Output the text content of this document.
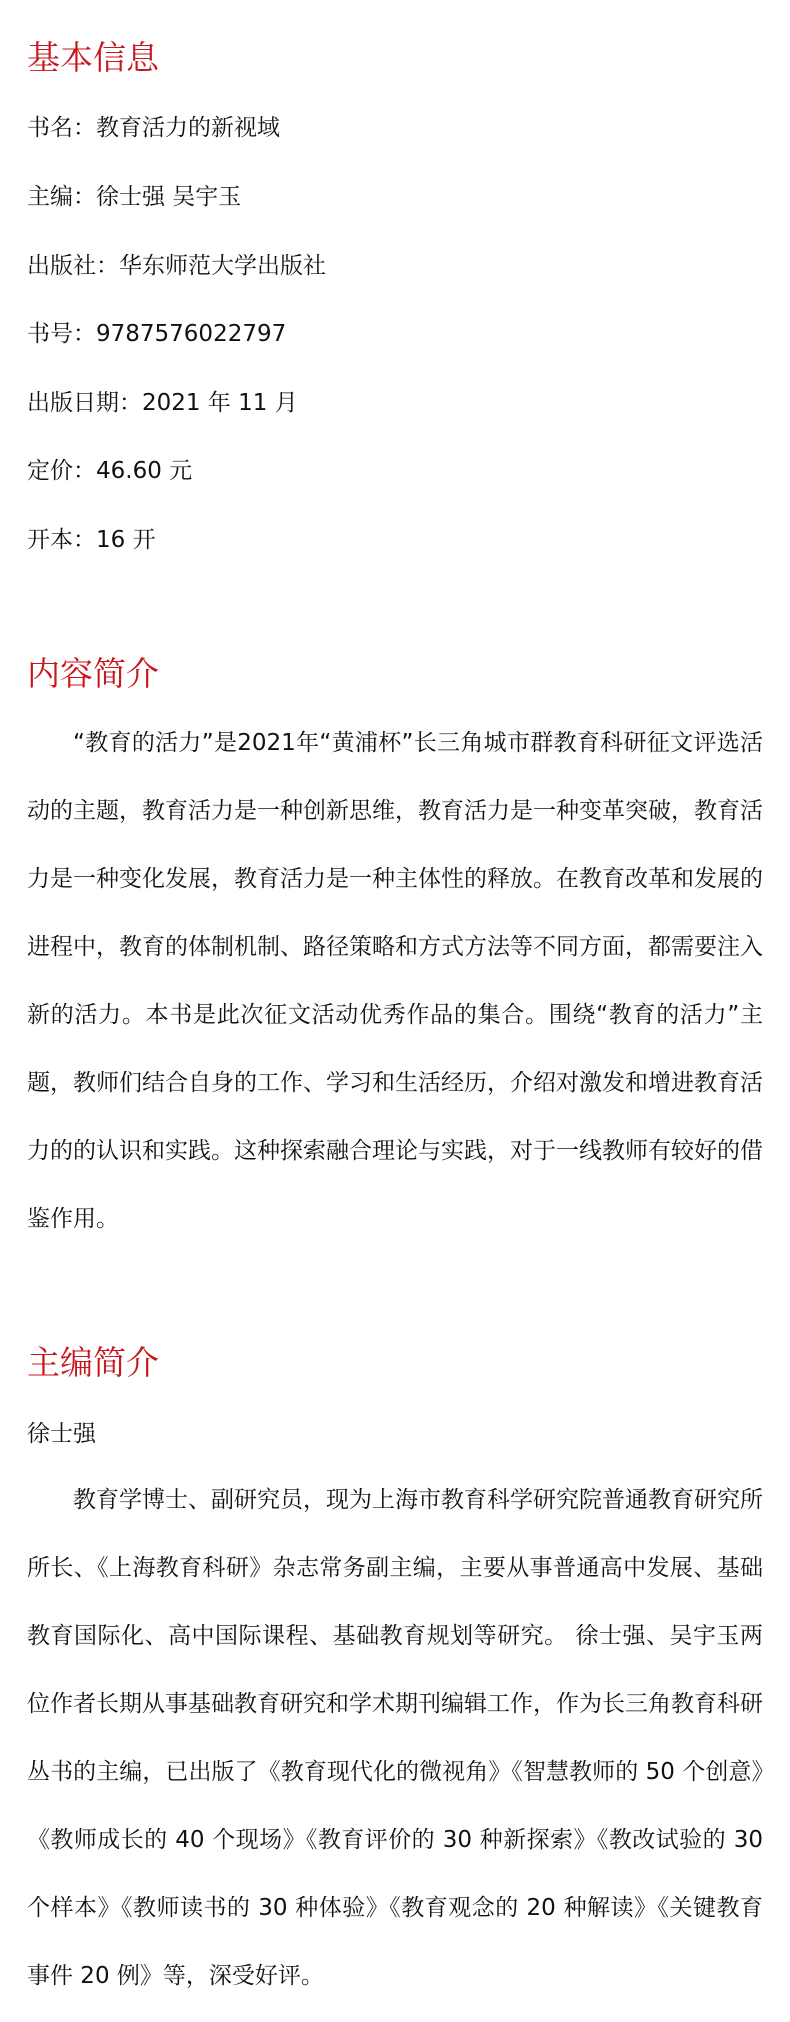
基本信息
书名：教育活力的新视域
主编：徐士强 吴宇玉
出版社：华东师范大学出版社
书号：9787576022797
出版日期：2021 年 11 月
定价：46.60 元
开本：16 开
内容简介
“教育的活力”是2021年“黄浦杯”长三角城市群教育科研征文评选活动的主题，教育活力是一种创新思维，教育活力是一种变革突破，教育活力是一种变化发展，教育活力是一种主体性的释放。在教育改革和发展的进程中，教育的体制机制、路径策略和方式方法等不同方面，都需要注入新的活力。本书是此次征文活动优秀作品的集合。围绕“教育的活力”主题，教师们结合自身的工作、学习和生活经历，介绍对激发和增进教育活力的的认识和实践。这种探索融合理论与实践，对于一线教师有较好的借鉴作用。
主编简介
徐士强
教育学博士、副研究员，现为上海市教育科学研究院普通教育研究所所长、《上海教育科研》杂志常务副主编，主要从事普通高中发展、基础教育国际化、高中国际课程、基础教育规划等研究。 徐士强、吴宇玉两位作者长期从事基础教育研究和学术期刊编辑工作，作为长三角教育科研丛书的主编，已出版了《教育现代化的微视角》《智慧教师的 50 个创意》《教师成长的 40 个现场》《教育评价的 30 种新探索》《教改试验的 30 个样本》《教师读书的 30 种体验》《教育观念的 20 种解读》《关键教育事件 20 例》等，深受好评。
